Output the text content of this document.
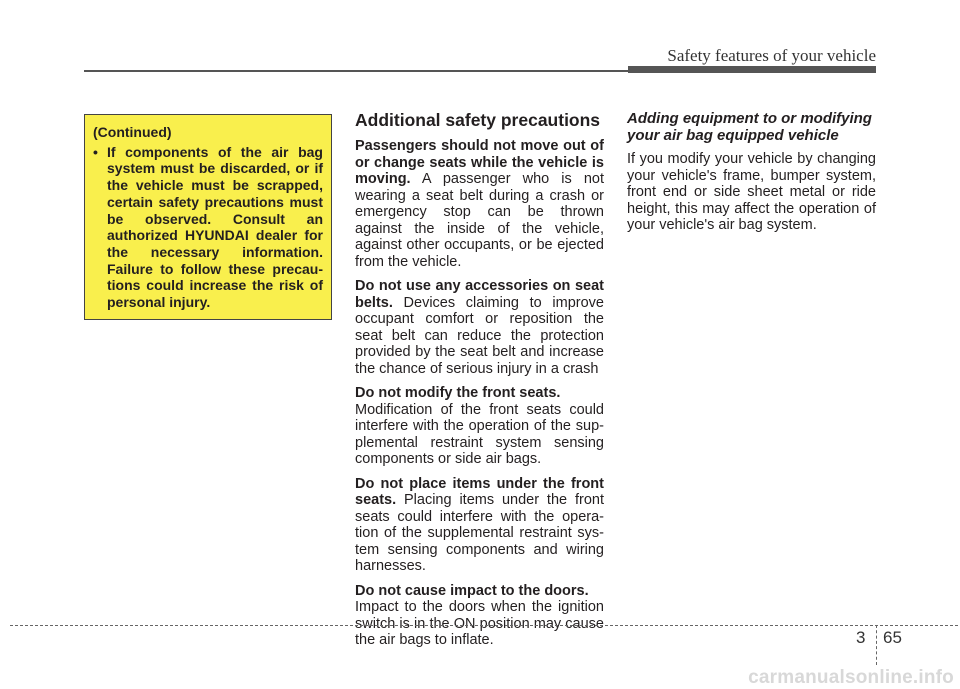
Safety features of your vehicle
(Continued)
• If components of the air bag system must be discarded, or if the vehicle must be scrapped, certain safety precautions must be observed. Consult an authorized HYUNDAI dealer for the necessary information. Failure to follow these precau-tions could increase the risk of personal injury.
Additional safety precautions

Passengers should not move out of or change seats while the vehicle is moving. A passenger who is not wearing a seat belt during a crash or emergency stop can be thrown against the inside of the vehicle, against other occupants, or be ejected from the vehicle.

Do not use any accessories on seat belts. Devices claiming to improve occupant comfort or reposition the seat belt can reduce the protection provided by the seat belt and increase the chance of serious injury in a crash

Do not modify the front seats.
Modification of the front seats could interfere with the operation of the sup-plemental restraint system sensing components or side air bags.

Do not place items under the front seats. Placing items under the front seats could interfere with the opera-tion of the supplemental restraint sys-tem sensing components and wiring harnesses.

Do not cause impact to the doors.
Impact to the doors when the ignition switch is in the ON position may cause the air bags to inflate.

Adding equipment to or modifying your air bag equipped vehicle

If you modify your vehicle by changing your vehicle's frame, bumper system, front end or side sheet metal or ride height, this may affect the operation of your vehicle's air bag system.

3 65
carmanualsonline.info
